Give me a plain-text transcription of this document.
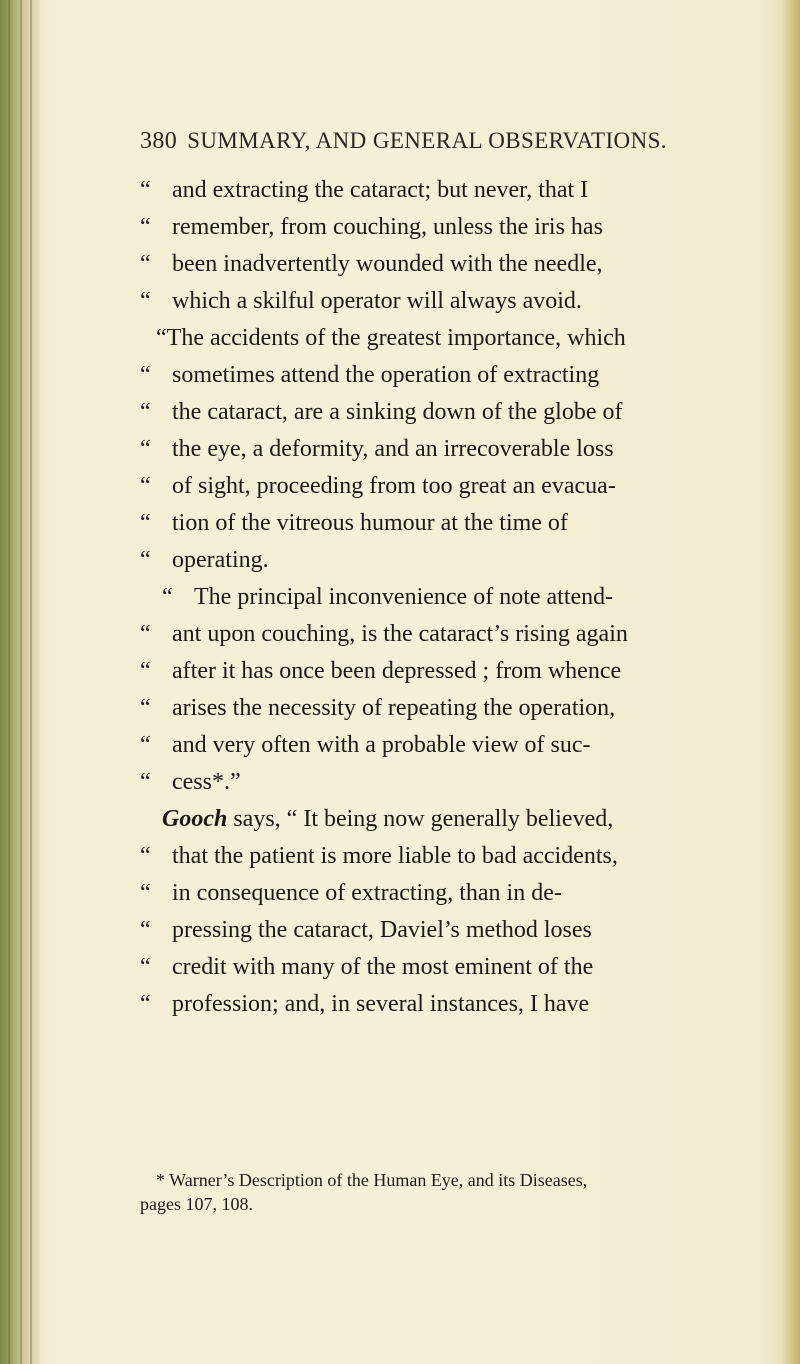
380 SUMMARY, AND GENERAL OBSERVATIONS.
“ and extracting the cataract; but never, that I
“ remember, from couching, unless the iris has
“ been inadvertently wounded with the needle,
“ which a skilful operator will always avoid.
“The accidents of the greatest importance, which
“ sometimes attend the operation of extracting
“ the cataract, are a sinking down of the globe of
“ the eye, a deformity, and an irrecoverable loss
“ of sight, proceeding from too great an evacua-
“ tion of the vitreous humour at the time of
“ operating.
“ The principal inconvenience of note attend-
“ ant upon couching, is the cataract’s rising again
“ after it has once been depressed ; from whence
“ arises the necessity of repeating the operation,
“ and very often with a probable view of suc-
“ cess*.”
Gooch says, “ It being now generally believed,
“ that the patient is more liable to bad accidents,
“ in consequence of extracting, than in de-
“ pressing the cataract, Daviel’s method loses
“ credit with many of the most eminent of the
“ profession; and, in several instances, I have
* Warner’s Description of the Human Eye, and its Diseases,
pages 107, 108.
